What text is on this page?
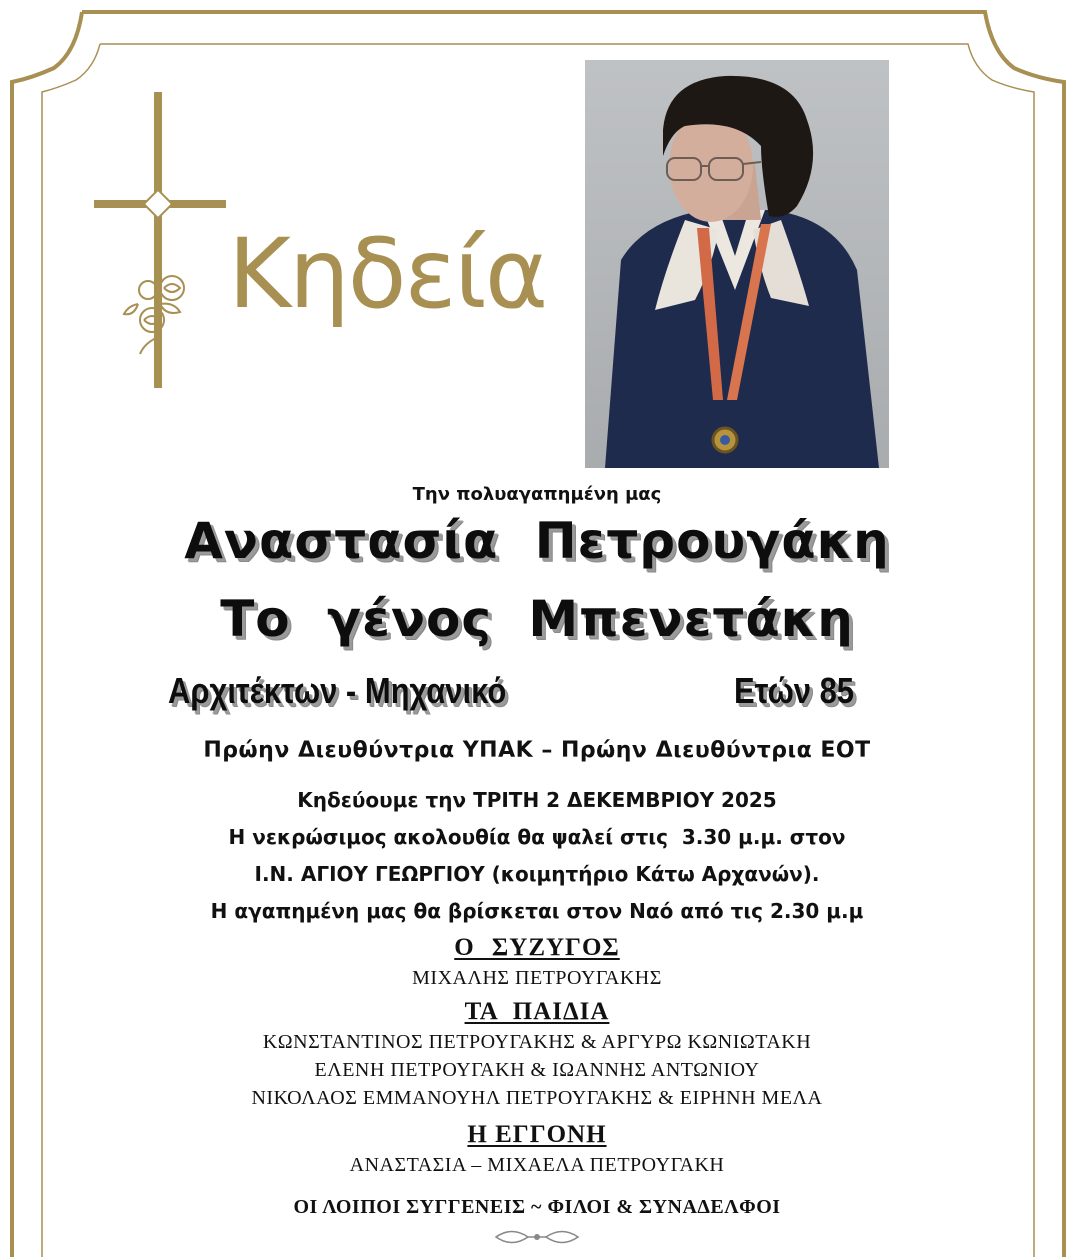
Κηδεία
Την πολυαγαπημένη μας
Αναστασία Πετρουγάκη
Το γένος Μπενετάκη
Αρχιτέκτων - Μηχανικό	Ετών 85
Πρώην Διευθύντρια ΥΠΑΚ – Πρώην Διευθύντρια ΕΟΤ
Κηδεύουμε την ΤΡΙΤΗ 2 ΔΕΚΕΜΒΡΙΟΥ 2025
Η νεκρώσιμος ακολουθία θα ψαλεί στις  3.30 μ.μ. στον
Ι.Ν. ΑΓΙΟΥ ΓΕΩΡΓΙΟΥ (κοιμητήριο Κάτω Αρχανών).
Η αγαπημένη μας θα βρίσκεται στον Ναό από τις 2.30 μ.μ
Ο ΣΥΖΥΓΟΣ
ΜΙΧΑΛΗΣ ΠΕΤΡΟΥΓΑΚΗΣ
ΤΑ ΠΑΙΔΙΑ
ΚΩΝΣΤΑΝΤΙΝΟΣ ΠΕΤΡΟΥΓΑΚΗΣ & ΑΡΓΥΡΩ ΚΩΝΙΩΤΑΚΗ
ΕΛΕΝΗ ΠΕΤΡΟΥΓΑΚΗ & ΙΩΑΝΝΗΣ ΑΝΤΩΝΙΟΥ
ΝΙΚΟΛΑΟΣ ΕΜΜΑΝΟΥΗΛ ΠΕΤΡΟΥΓΑΚΗΣ & ΕΙΡΗΝΗ ΜΕΛΑ
Η ΕΓΓΟΝΗ
ΑΝΑΣΤΑΣΙΑ – ΜΙΧΑΕΛΑ ΠΕΤΡΟΥΓΑΚΗ
ΟΙ ΛΟΙΠΟΙ ΣΥΓΓΕΝΕΙΣ ~ ΦΙΛΟΙ & ΣΥΝΑΔΕΛΦΟΙ
